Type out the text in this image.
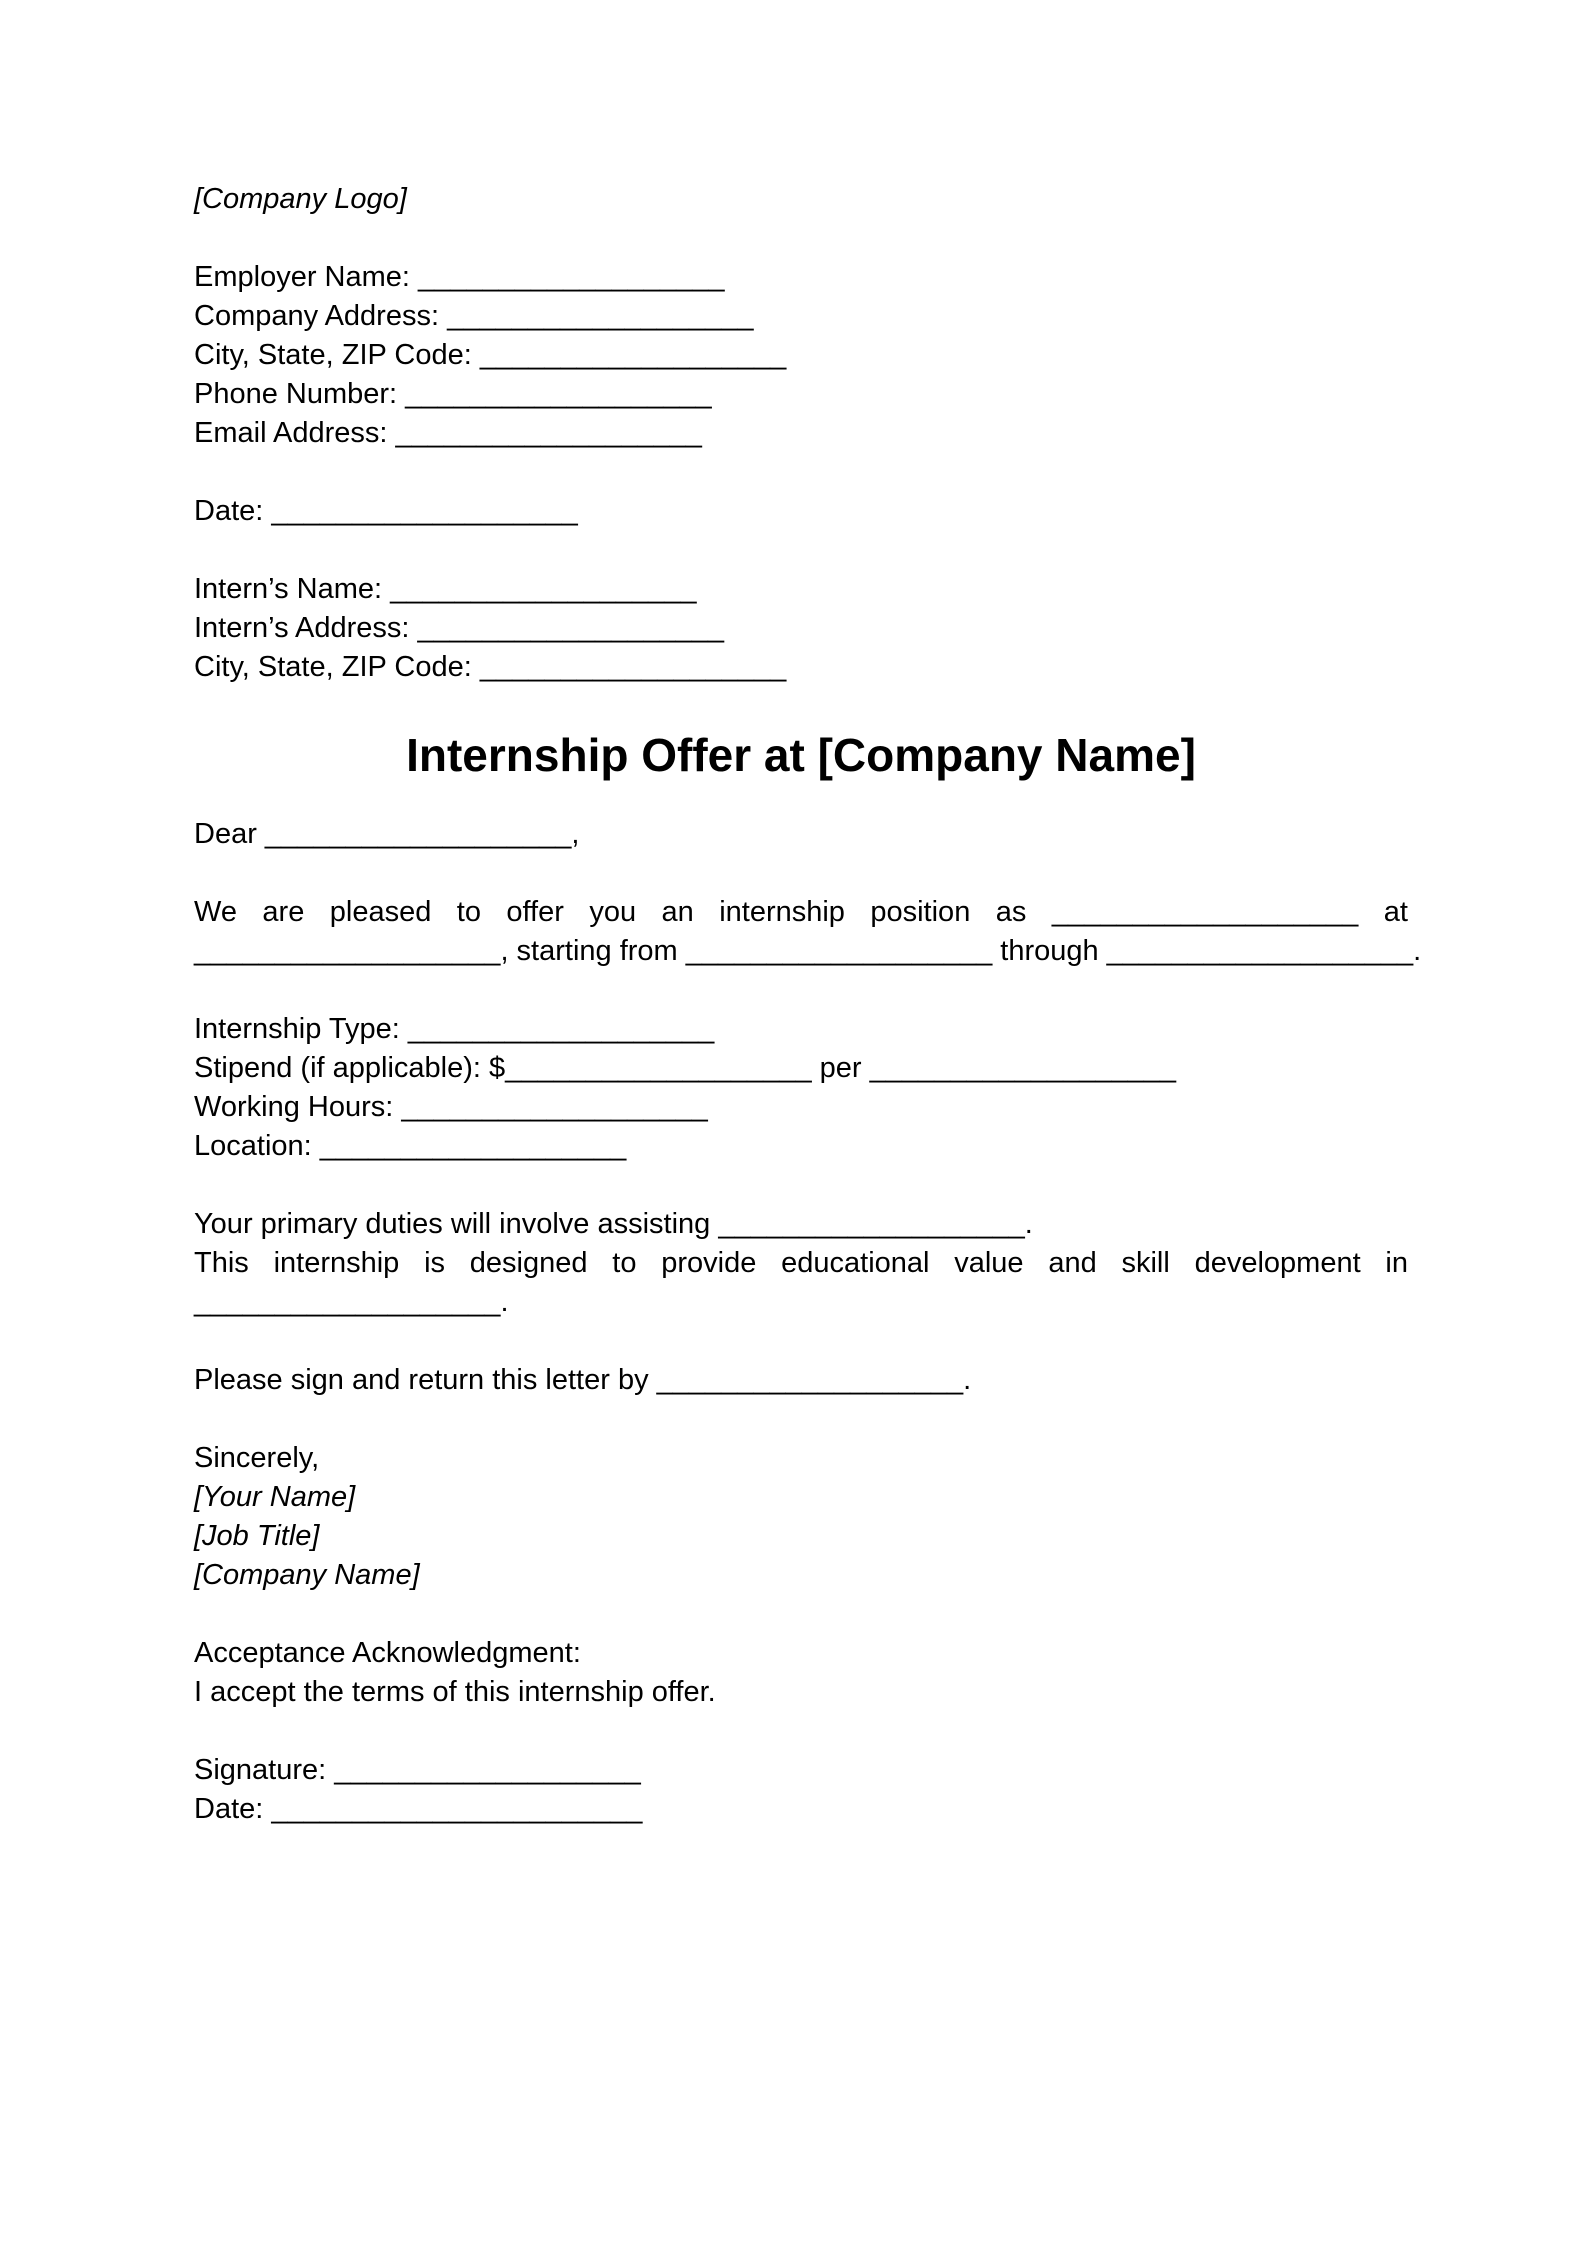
[Company Logo]
Employer Name: ___________________
Company Address: ___________________
City, State, ZIP Code: ___________________
Phone Number: ___________________
Email Address: ___________________
Date: ___________________
Intern’s Name: ___________________
Intern’s Address: ___________________
City, State, ZIP Code: ___________________
Internship Offer at [Company Name]
Dear ___________________,
We are pleased to offer you an internship position as ___________________ at
___________________, starting from ___________________ through ___________________.
Internship Type: ___________________
Stipend (if applicable): $___________________ per ___________________
Working Hours: ___________________
Location: ___________________
Your primary duties will involve assisting ___________________.
This internship is designed to provide educational value and skill development in
___________________.
Please sign and return this letter by ___________________.
Sincerely,
[Your Name]
[Job Title]
[Company Name]
Acceptance Acknowledgment:
I accept the terms of this internship offer.
Signature: ___________________
Date: _______________________
